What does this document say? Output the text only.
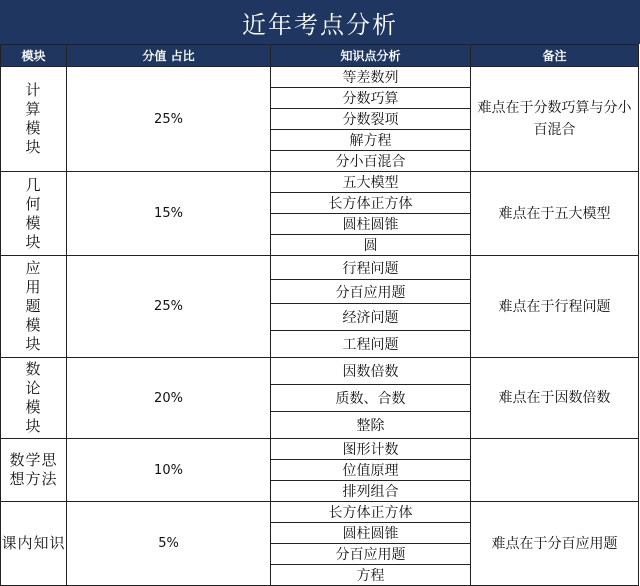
近年考点分析
模块	分值 占比	知识点分析	备注
计算模块	25%	等差数列	难点在于分数巧算与分小百混合
		分数巧算	
		分数裂项	
		解方程	
		分小百混合	
几何模块	15%	五大模型	难点在于五大模型
		长方体正方体	
		圆柱圆锥	
		圆	
应用题模块	25%	行程问题	难点在于行程问题
		分百应用题	
		经济问题	
		工程问题	
数论模块	20%	因数倍数	难点在于因数倍数
		质数、合数	
		整除	
数学思想方法	10%	图形计数	
		位值原理	
		排列组合	
课内知识	5%	长方体正方体	难点在于分百应用题
		圆柱圆锥	
		分百应用题	
		方程	
